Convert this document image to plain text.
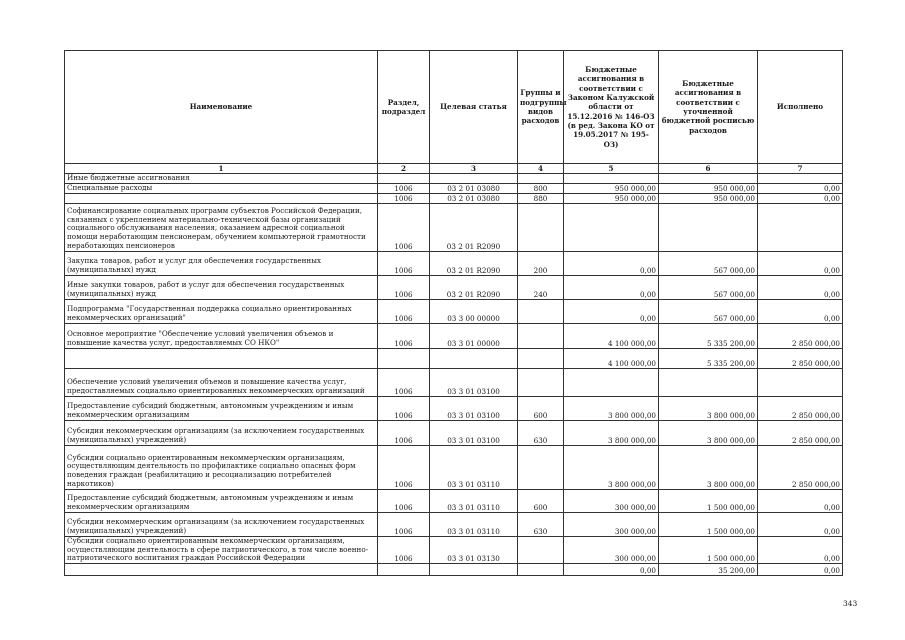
Наименование	Раздел, подраздел	Целевая статья	Группы и подгруппы видов расходов	Бюджетные ассигнования в соответствии с Законом Калужской области от 15.12.2016 № 146-ОЗ (в ред. Закона КО от 19.05.2017 № 195-ОЗ)	Бюджетные ассигнования в соответствии с уточненной бюджетной росписью расходов	Исполнено
1	2	3	4	5	6	7
Иные бюджетные ассигнования						
Специальные расходы	1006	03 2 01 03080	800	950 000,00	950 000,00	0,00
	1006	03 2 01 03080	880	950 000,00	950 000,00	0,00
Софинансирование социальных программ субъектов Российской Федерации, связанных с укреплением материально-технической базы организаций социального обслуживания населения, оказанием адресной социальной помощи неработающим пенсионерам, обучением компьютерной грамотности неработающих пенсионеров	1006	03 2 01 R2090				
Закупка товаров, работ и услуг для обеспечения государственных (муниципальных) нужд	1006	03 2 01 R2090	200	0,00	567 000,00	0,00
Иные закупки товаров, работ и услуг для обеспечения государственных (муниципальных) нужд	1006	03 2 01 R2090	240	0,00	567 000,00	0,00
Подпрограмма "Государственная поддержка социально ориентированных некоммерческих организаций"	1006	03 3 00 00000		0,00	567 000,00	0,00
Основное мероприятие "Обеспечение условий увеличения объемов и повышение качества услуг, предоставляемых СО НКО"	1006	03 3 01 00000		4 100 000,00	5 335 200,00	2 850 000,00
				4 100 000,00	5 335 200,00	2 850 000,00
Обеспечение условий увеличения объемов и повышение качества услуг, предоставляемых социально ориентированных некоммерческих организаций	1006	03 3 01 03100				
Предоставление субсидий бюджетным, автономным учреждениям и иным некоммерческим организациям	1006	03 3 01 03100	600	3 800 000,00	3 800 000,00	2 850 000,00
Субсидии некоммерческим организациям (за исключением государственных (муниципальных) учреждений)	1006	03 3 01 03100	630	3 800 000,00	3 800 000,00	2 850 000,00
Субсидии социально ориентированным некоммерческим организациям, осуществляющим деятельность по профилактике социально опасных форм поведения граждан (реабилитацию и ресоциализацию потребителей наркотиков)	1006	03 3 01 03110		3 800 000,00	3 800 000,00	2 850 000,00
Предоставление субсидий бюджетным, автономным учреждениям и иным некоммерческим организациям	1006	03 3 01 03110	600	300 000,00	1 500 000,00	0,00
Субсидии некоммерческим организациям (за исключением государственных (муниципальных) учреждений)	1006	03 3 01 03110	630	300 000,00	1 500 000,00	0,00
Субсидии социально ориентированным некоммерческим организациям, осуществляющим деятельность в сфере патриотического, в том числе военно-патриотического воспитания граждан Российской Федерации	1006	03 3 01 03130		300 000,00	1 500 000,00	0,00
				0,00	35 200,00	0,00
343
